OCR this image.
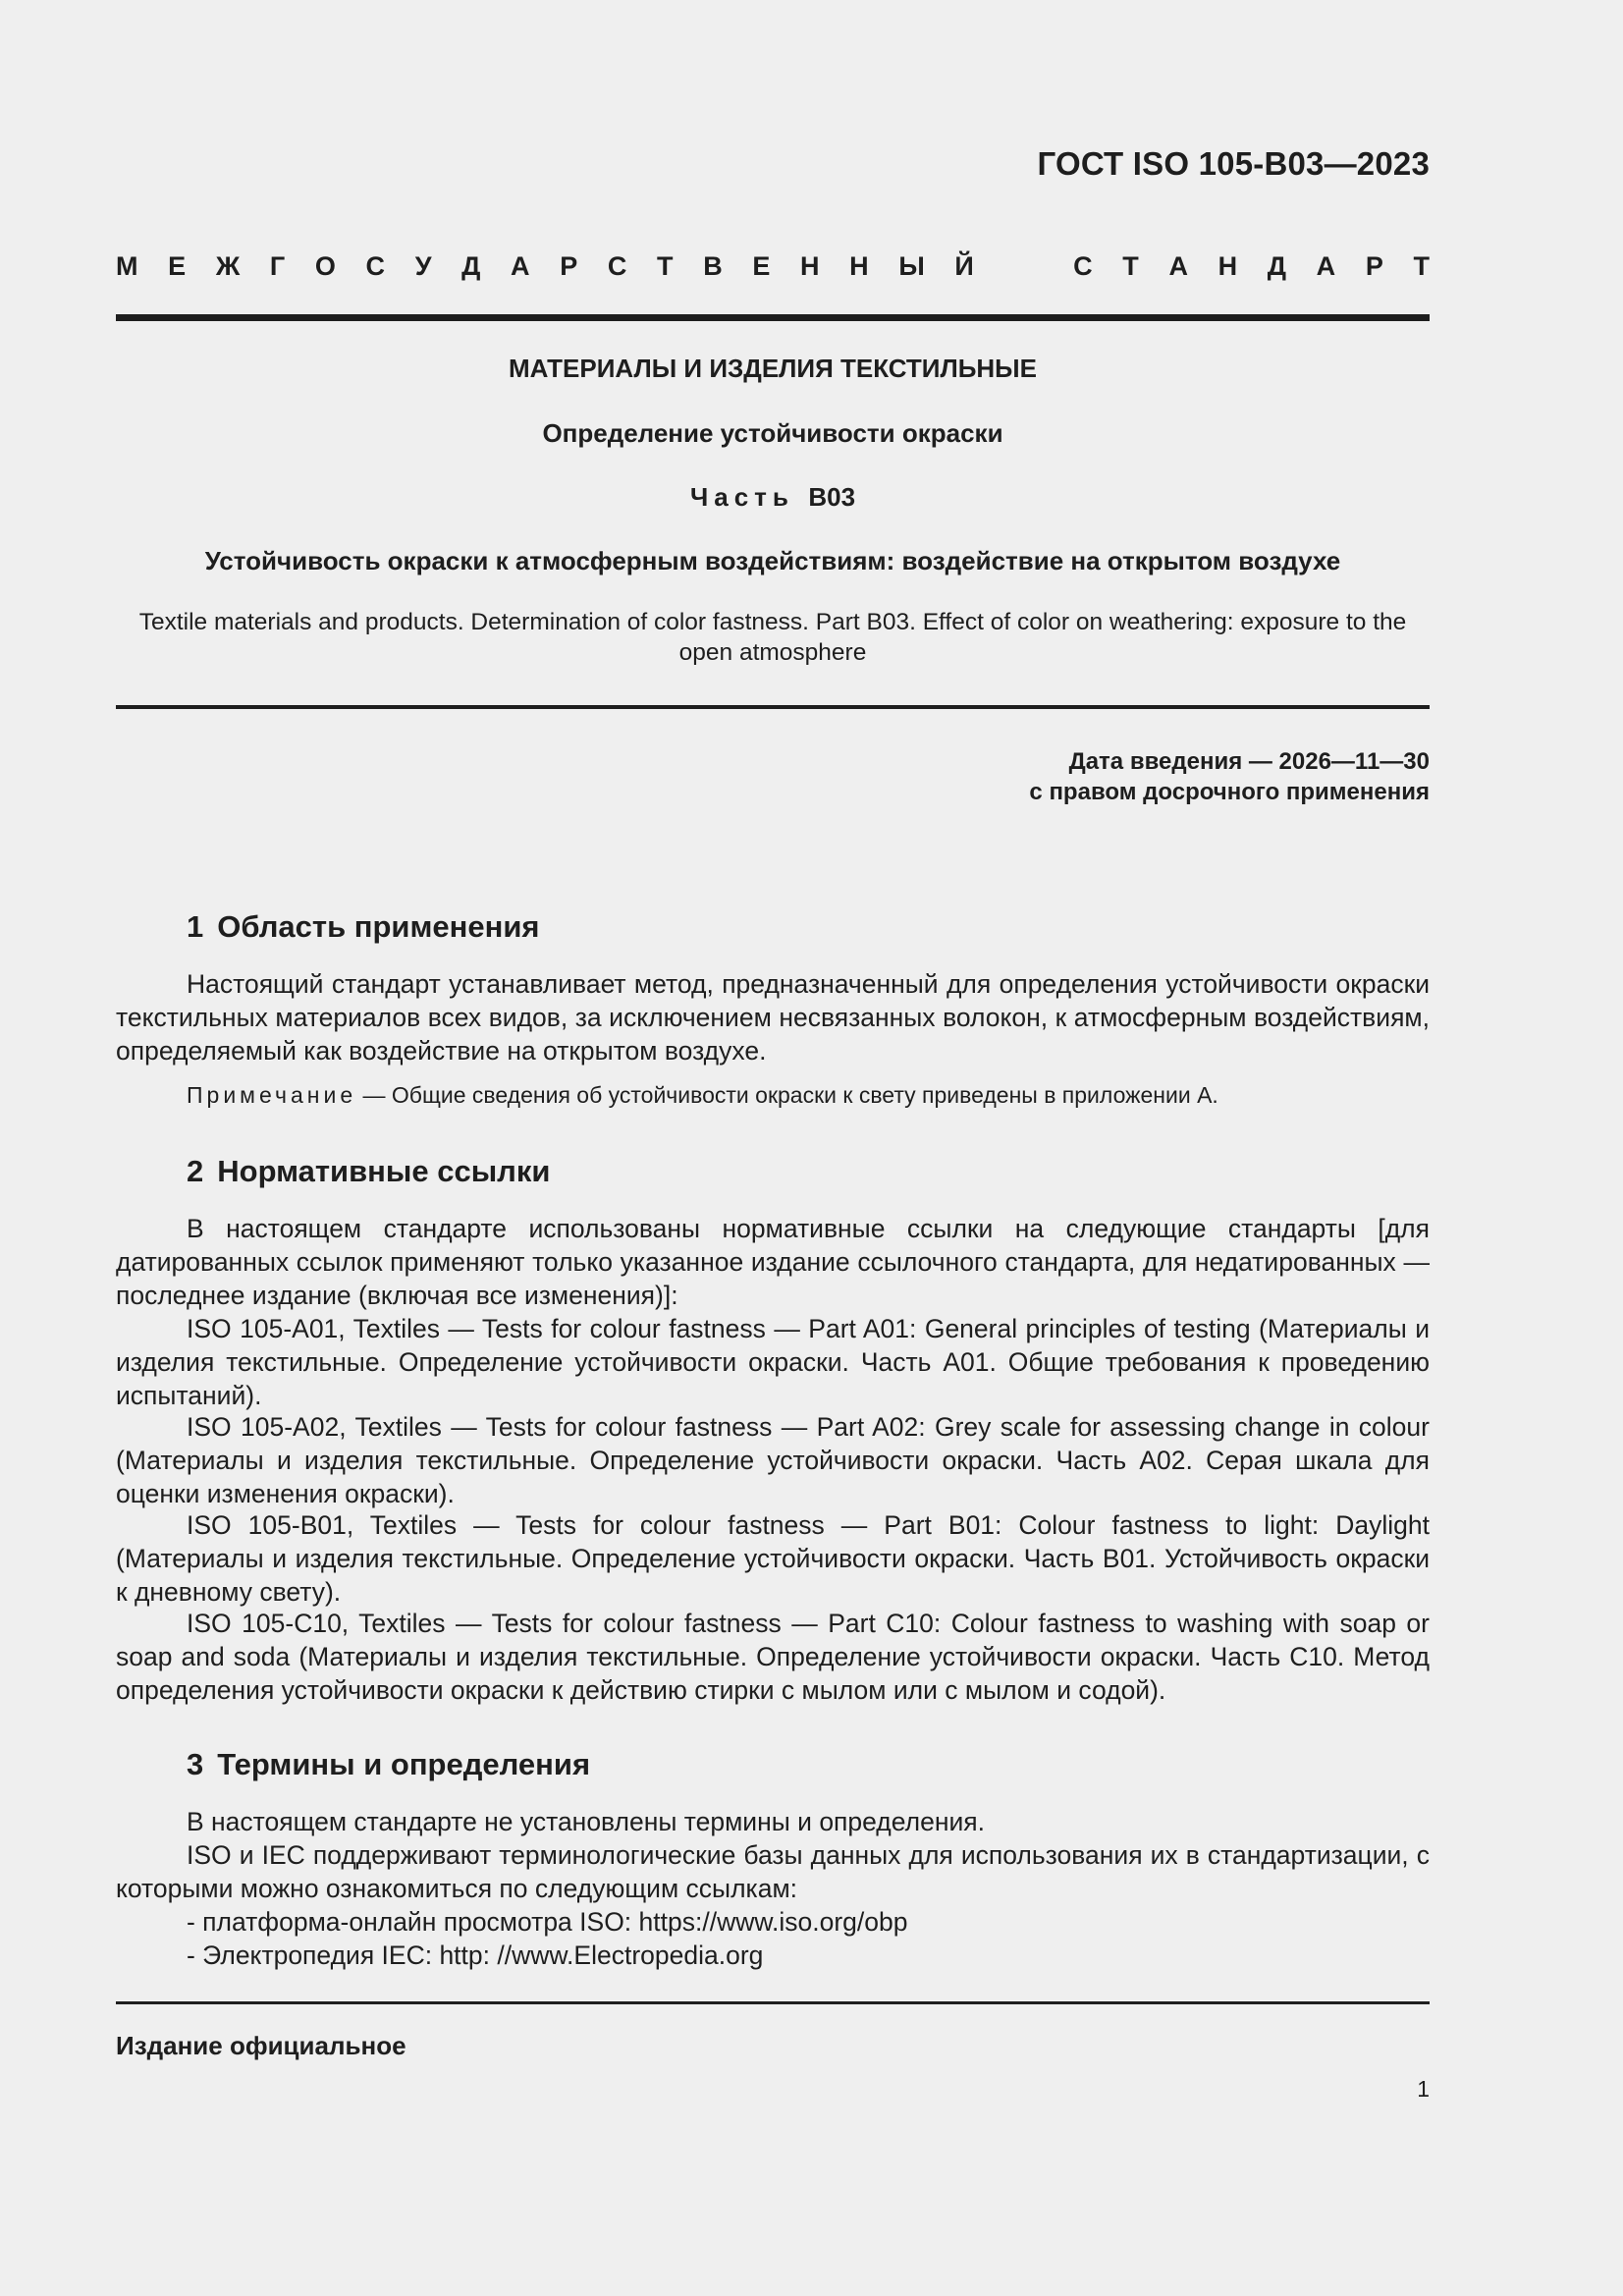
ГОСТ ISO 105-B03—2023
М Е Ж Г О С У Д А Р С Т В Е Н Н Ы Й	С Т А Н Д А Р Т
МАТЕРИАЛЫ И ИЗДЕЛИЯ ТЕКСТИЛЬНЫЕ
Определение устойчивости окраски
Часть B03
Устойчивость окраски к атмосферным воздействиям: воздействие на открытом воздухе
Textile materials and products. Determination of color fastness. Part B03. Effect of color on weathering: exposure to the open atmosphere
Дата введения — 2026—11—30
с правом досрочного применения
1 Область применения
Настоящий стандарт устанавливает метод, предназначенный для определения устойчивости окраски текстильных материалов всех видов, за исключением несвязанных волокон, к атмосферным воздействиям, определяемый как воздействие на открытом воздухе.
Примечание — Общие сведения об устойчивости окраски к свету приведены в приложении А.
2 Нормативные ссылки
В настоящем стандарте использованы нормативные ссылки на следующие стандарты [для датированных ссылок применяют только указанное издание ссылочного стандарта, для недатированных — последнее издание (включая все изменения)]:
ISO 105-A01, Textiles — Tests for colour fastness — Part A01: General principles of testing (Материалы и изделия текстильные. Определение устойчивости окраски. Часть А01. Общие требования к проведению испытаний).
ISO 105-A02, Textiles — Tests for colour fastness — Part A02: Grey scale for assessing change in colour (Материалы и изделия текстильные. Определение устойчивости окраски. Часть А02. Серая шкала для оценки изменения окраски).
ISO 105-B01, Textiles — Tests for colour fastness — Part B01: Colour fastness to light: Daylight (Материалы и изделия текстильные. Определение устойчивости окраски. Часть В01. Устойчивость окраски к дневному свету).
ISO 105-C10, Textiles — Tests for colour fastness — Part C10: Colour fastness to washing with soap or soap and soda (Материалы и изделия текстильные. Определение устойчивости окраски. Часть С10. Метод определения устойчивости окраски к действию стирки с мылом или с мылом и содой).
3 Термины и определения
В настоящем стандарте не установлены термины и определения.
ISO и IEC поддерживают терминологические базы данных для использования их в стандартизации, с которыми можно ознакомиться по следующим ссылкам:
- платформа-онлайн просмотра ISO: https://www.iso.org/obp
- Электропедия IEC: http: //www.Electropedia.org
Издание официальное
1
